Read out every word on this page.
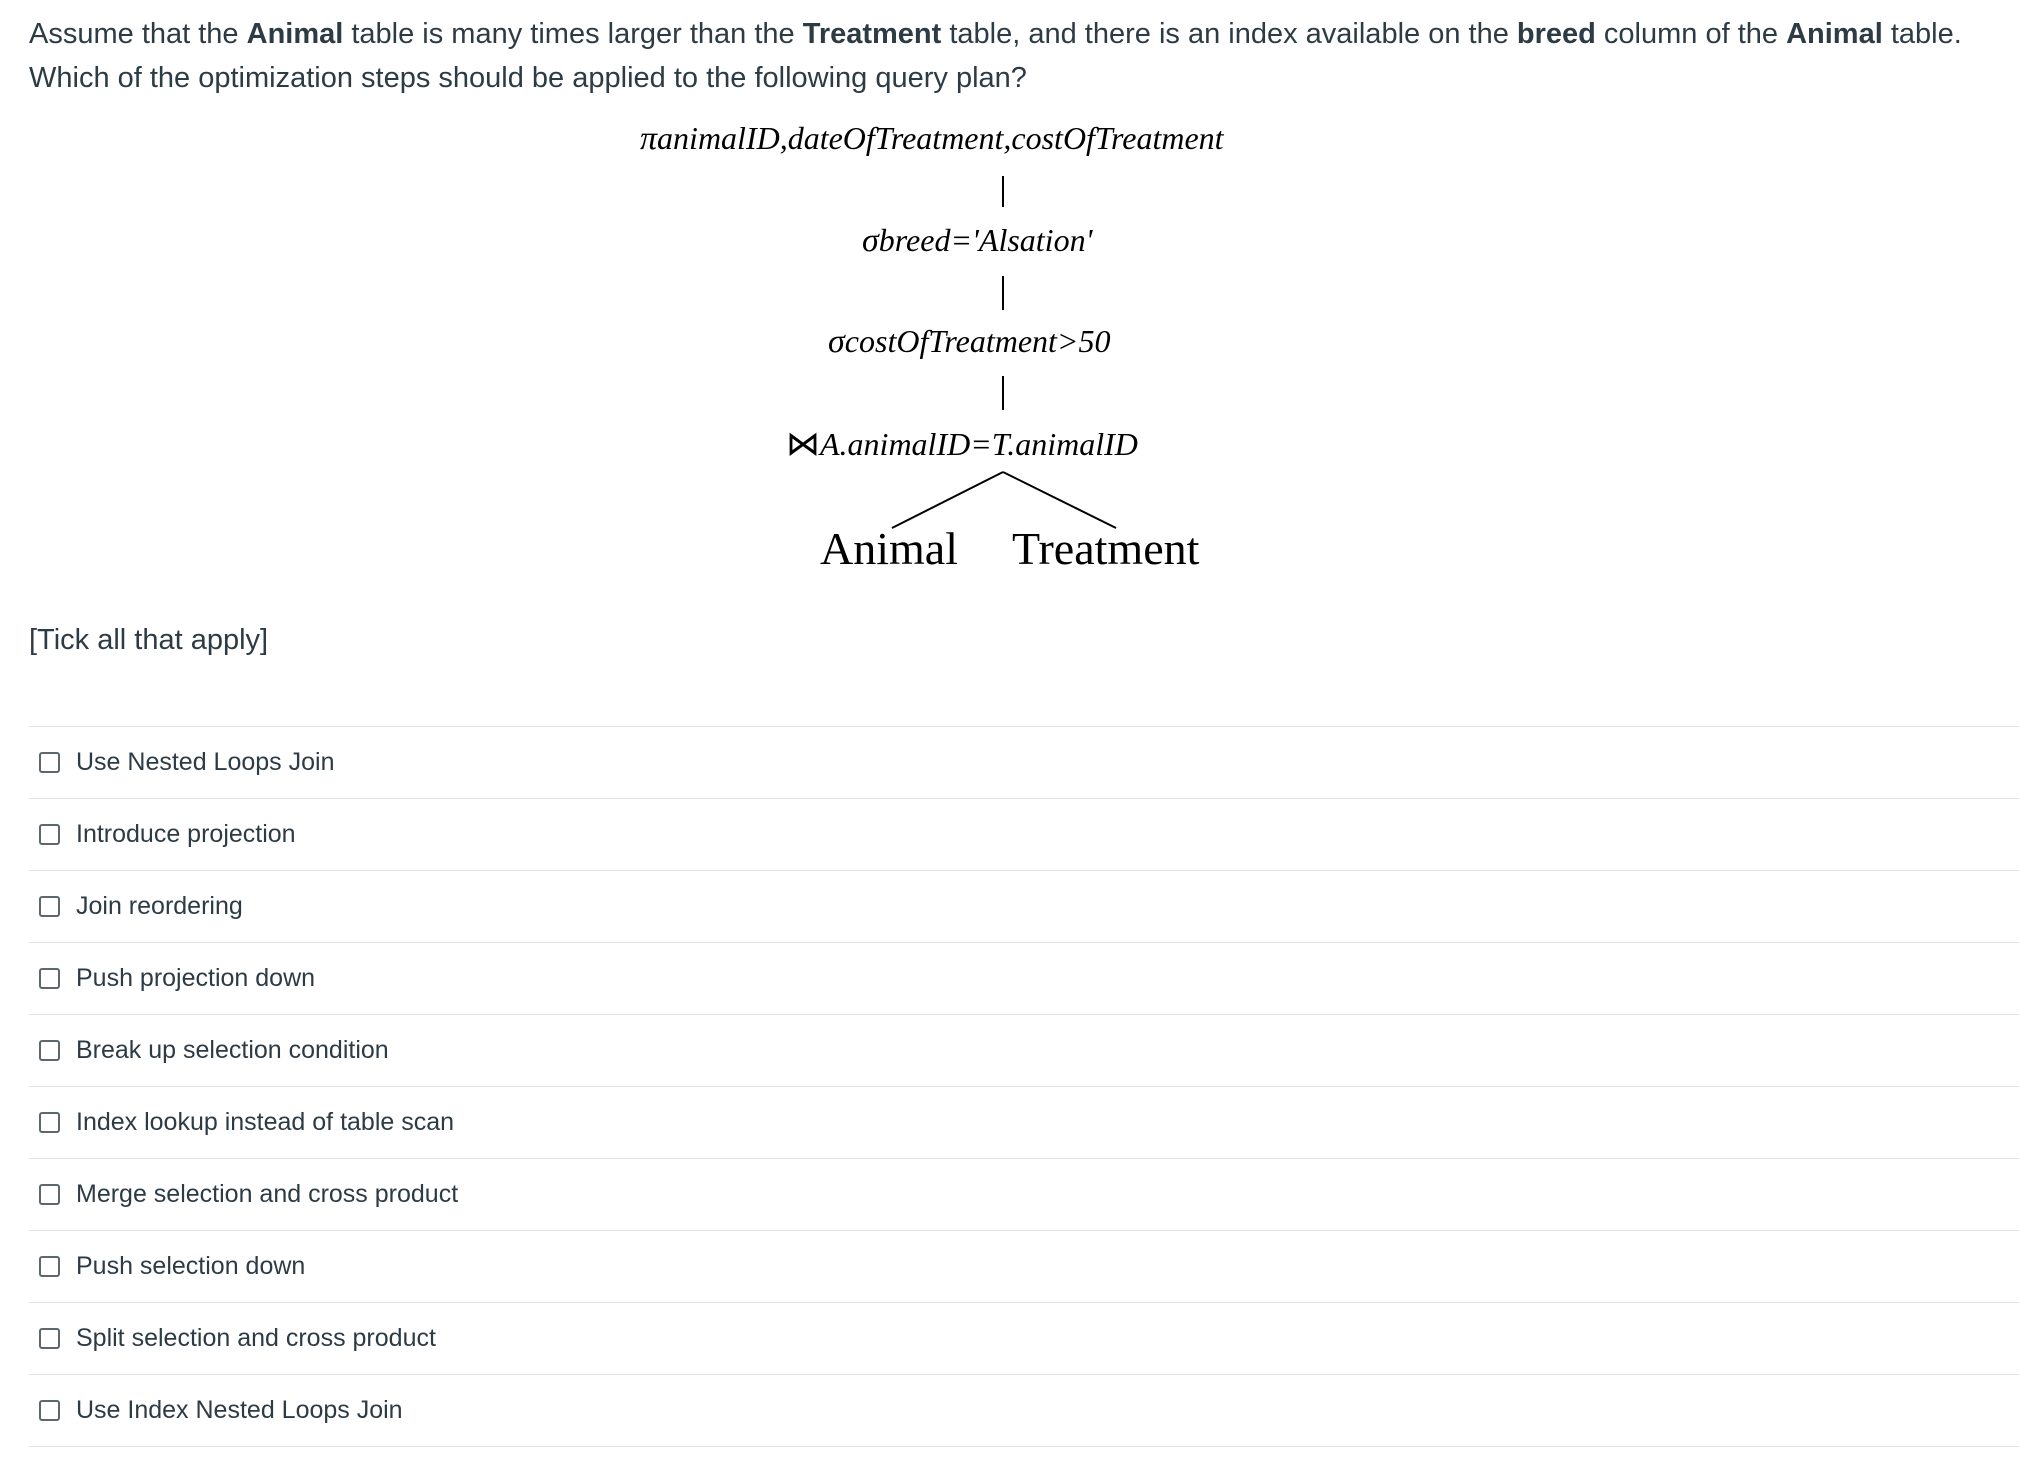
Assume that the Animal table is many times larger than the Treatment table, and there is an index available on the breed column of the Animal table. Which of the optimization steps should be applied to the following query plan?
πanimalID,dateOfTreatment,costOfTreatment
σbreed='Alsation'
σcostOfTreatment>50
⋈A.animalID=T.animalID
Animal Treatment
[Tick all that apply]
Use Nested Loops Join
Introduce projection
Join reordering
Push projection down
Break up selection condition
Index lookup instead of table scan
Merge selection and cross product
Push selection down
Split selection and cross product
Use Index Nested Loops Join
